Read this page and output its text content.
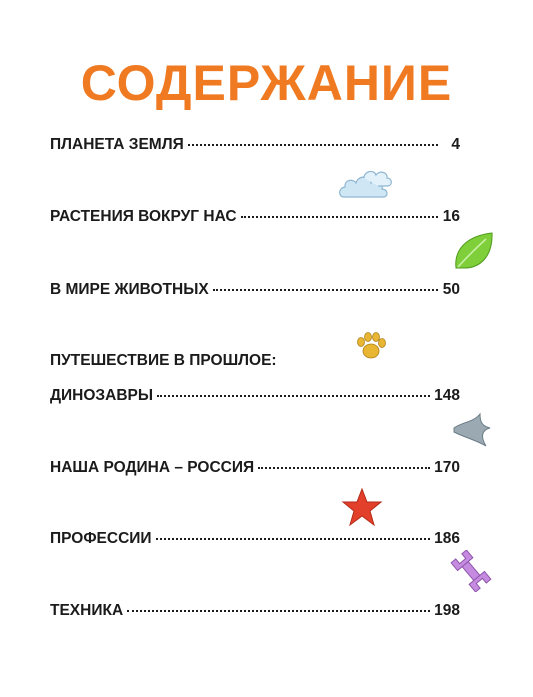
СОДЕРЖАНИЕ
ПЛАНЕТА ЗЕМЛЯ	4
РАСТЕНИЯ ВОКРУГ НАС	16
В МИРЕ ЖИВОТНЫХ	50
ПУТЕШЕСТВИЕ В ПРОШЛОЕ:
ДИНОЗАВРЫ	148
НАША РОДИНА – РОССИЯ	170
ПРОФЕССИИ	186
ТЕХНИКА	198
